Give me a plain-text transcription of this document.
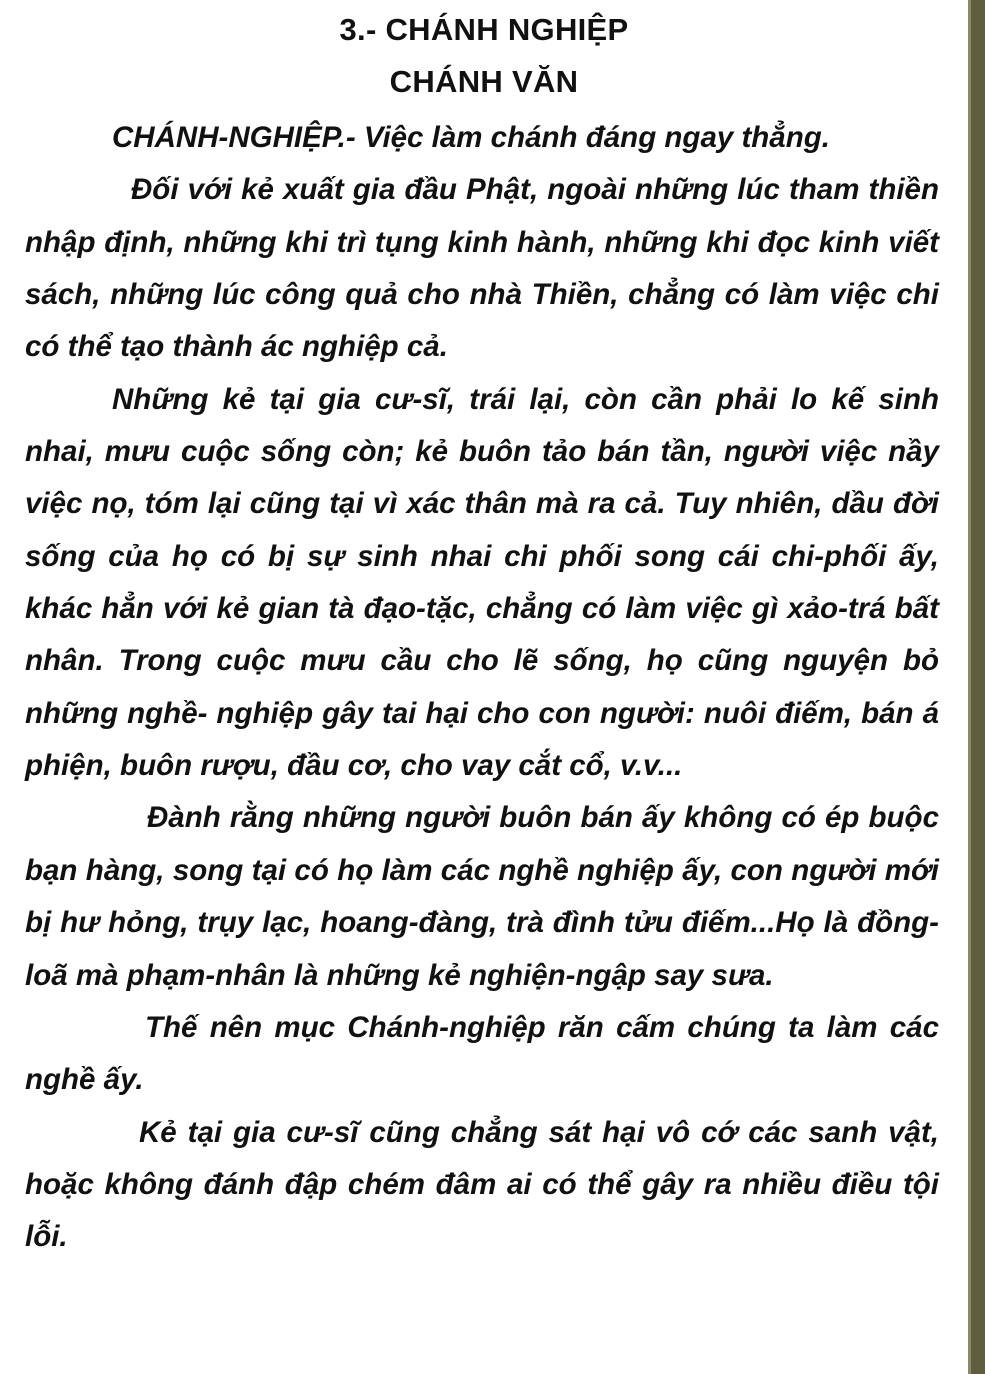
3.- CHÁNH NGHIỆP
CHÁNH VĂN

CHÁNH-NGHIỆP.- Việc làm chánh đáng ngay thẳng.

Đối với kẻ xuất gia đầu Phật, ngoài những lúc tham thiền nhập định, những khi trì tụng kinh hành, những khi đọc kinh viết sách, những lúc công quả cho nhà Thiền, chẳng có làm việc chi có thể tạo thành ác nghiệp cả.

Những kẻ tại gia cư-sĩ, trái lại, còn cần phải lo kế sinh nhai, mưu cuộc sống còn; kẻ buôn tảo bán tần, người việc nầy việc nọ, tóm lại cũng tại vì xác thân mà ra cả. Tuy nhiên, dầu đời sống của họ có bị sự sinh nhai chi phối song cái chi-phối ấy, khác hẳn với kẻ gian tà đạo-tặc, chẳng có làm việc gì xảo-trá bất nhân. Trong cuộc mưu cầu cho lẽ sống, họ cũng nguyện bỏ những nghề- nghiệp gây tai hại cho con người: nuôi điếm, bán á phiện, buôn rượu, đầu cơ, cho vay cắt cổ, v.v...

Đành rằng những người buôn bán ấy không có ép buộc bạn hàng, song tại có họ làm các nghề nghiệp ấy, con người mới bị hư hỏng, trụy lạc, hoang-đàng, trà đình tửu điếm...Họ là đồng-loã mà phạm-nhân là những kẻ nghiện-ngập say sưa.

Thế nên mục Chánh-nghiệp răn cấm chúng ta làm các nghề ấy.

Kẻ tại gia cư-sĩ cũng chẳng sát hại vô cớ các sanh vật, hoặc không đánh đập chém đâm ai có thể gây ra nhiều điều tội lỗi.
